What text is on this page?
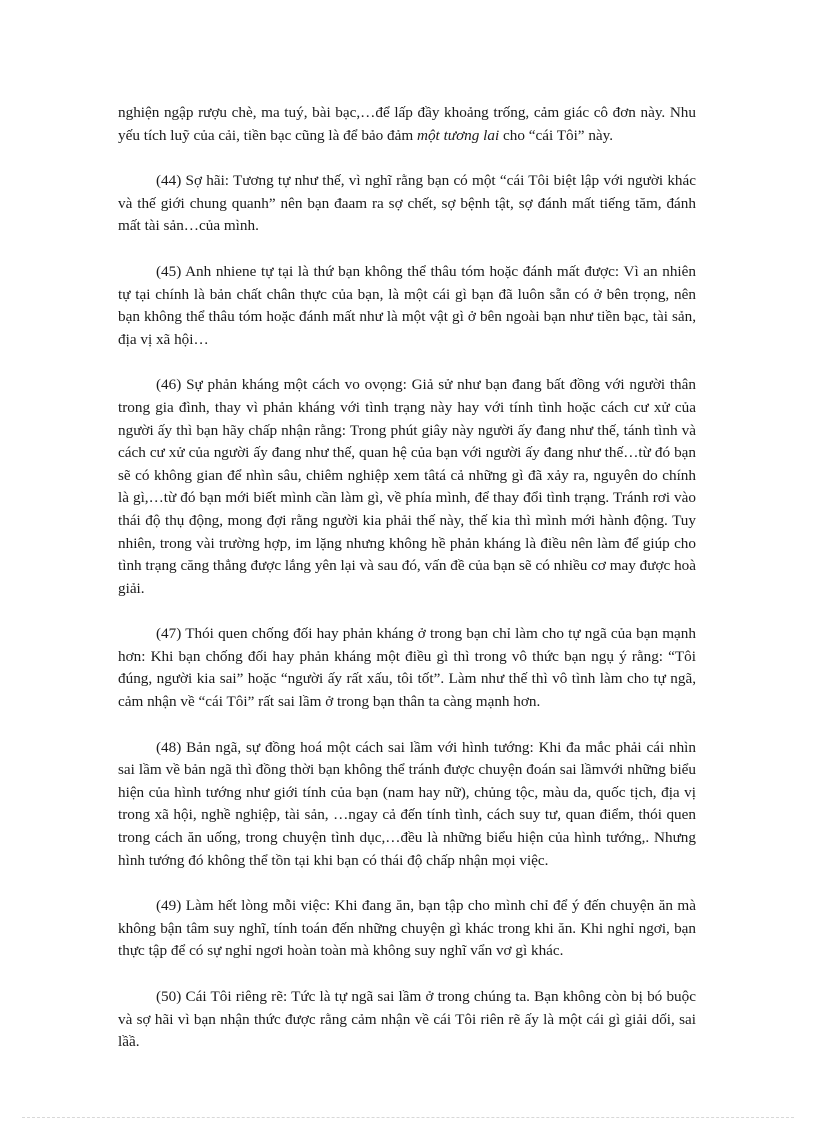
nghiện ngập rượu chè, ma tuý, bài bạc,…để lấp đầy khoảng trống, cảm giác cô đơn này. Nhu yếu tích luỹ của cải, tiền bạc cũng là để bảo đảm một tương lai cho “cái Tôi” này.

(44) Sợ hãi: Tương tự như thế, vì nghĩ rằng bạn có một “cái Tôi biệt lập với người khác và thế giới chung quanh” nên bạn đaam ra sợ chết, sợ bệnh tật, sợ đánh mất tiếng tăm, đánh mất tài sản…của mình.

(45) Anh nhiene tự tại là thứ bạn không thể thâu tóm hoặc đánh mất được: Vì an nhiên tự tại chính là bản chất chân thực của bạn, là một cái gì bạn đã luôn sẵn có ở bên trọng, nên bạn không thể thâu tóm hoặc đánh mất như là một vật gì ở bên ngoài bạn như tiền bạc, tài sản, địa vị xã hội…

(46) Sự phản kháng một cách vo ovọng: Giả sử như bạn đang bất đồng với người thân trong gia đình, thay vì phản kháng với tình trạng này hay với tính tình hoặc cách cư xử của người ấy thì bạn hãy chấp nhận rằng: Trong phút giây này người ấy đang như thế, tánh tình và cách cư xử của người ấy đang như thế, quan hệ của bạn với người ấy đang như thế…từ đó bạn sẽ có không gian để nhìn sâu, chiêm nghiệp xem tâtá cả những gì đã xảy ra, nguyên do chính là gì,…từ đó bạn mới biết mình cần làm gì, về phía mình, để thay đổi tình trạng. Tránh rơi vào thái độ thụ động, mong đợi rằng người kia phải thế này, thế kia thì mình mới hành động. Tuy nhiên, trong vài trường hợp, im lặng nhưng không hề phản kháng là điều nên làm để giúp cho tình trạng căng thẳng được lắng yên lại và sau đó, vấn đề của bạn sẽ có nhiều cơ may được hoà giải.

(47) Thói quen chống đối hay phản kháng ở trong bạn chỉ làm cho tự ngã của bạn mạnh hơn: Khi bạn chống đối hay phản kháng một điều gì thì trong vô thức bạn ngụ ý rằng: “Tôi đúng, người kia sai” hoặc “người ấy rất xấu, tôi tốt”. Làm như thế thì vô tình làm cho tự ngã, cảm nhận về “cái Tôi” rất sai lầm ở trong bạn thân ta càng mạnh hơn.

(48) Bản ngã, sự đồng hoá một cách sai lầm với hình tướng: Khi đa mắc phải cái nhìn sai lầm về bản ngã thì đồng thời bạn không thể tránh được chuyện đoán sai lầmvới những biểu hiện của hình tướng như giới tính của bạn (nam hay nữ), chủng tộc, màu da, quốc tịch, địa vị trong xã hội, nghề nghiệp, tài sản, …ngay cả đến tính tình, cách suy tư, quan điểm, thói quen trong cách ăn uống, trong chuyện tình dục,…đều là những biểu hiện của hình tướng,. Nhưng hình tướng đó không thể tồn tại khi bạn có thái độ chấp nhận mọi việc.

(49) Làm hết lòng mỗi việc: Khi đang ăn, bạn tập cho mình chỉ để ý đến chuyện ăn mà không bận tâm suy nghĩ, tính toán đến những chuyện gì khác trong khi ăn. Khi nghỉ ngơi, bạn thực tập để có sự nghỉ ngơi hoàn toàn mà không suy nghĩ vẩn vơ gì khác.

(50) Cái Tôi riêng rẽ: Tức là tự ngã sai lầm ở trong chúng ta. Bạn không còn bị bó buộc và sợ hãi vì bạn nhận thức được rằng cảm nhận về cái Tôi riên rẽ ấy là một cái gì giải dối, sai lầầ.
